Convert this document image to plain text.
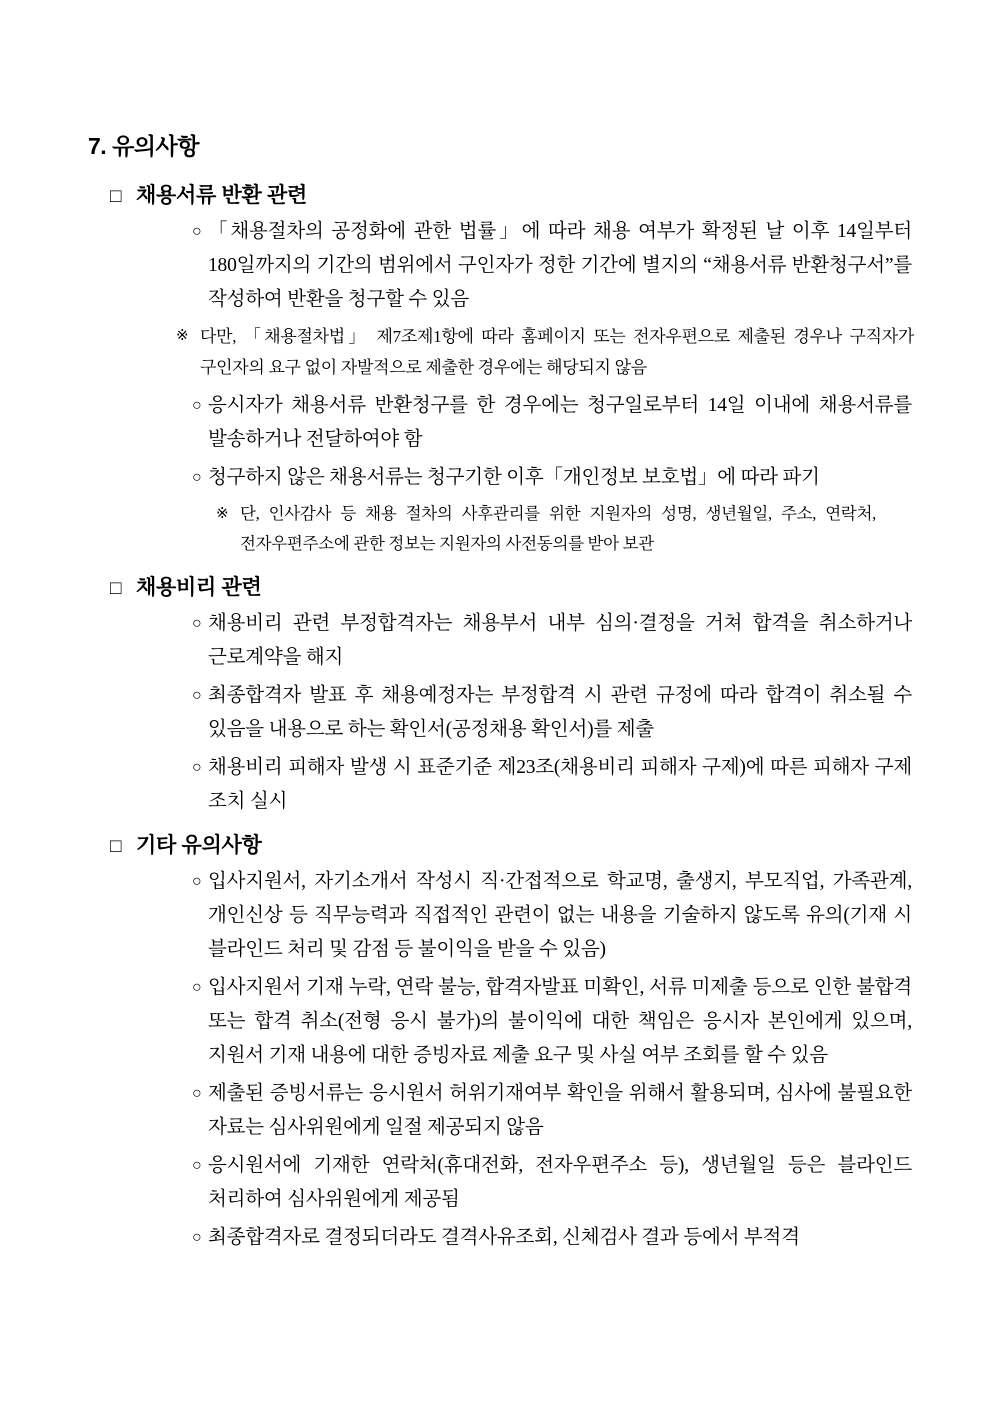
7. 유의사항
□ 채용서류 반환 관련
○ 「채용절차의 공정화에 관한 법률」에 따라 채용 여부가 확정된 날 이후 14일부터 180일까지의 기간의 범위에서 구인자가 정한 기간에 별지의 “채용서류 반환청구서”를 작성하여 반환을 청구할 수 있음
※ 다만, 「채용절차법」 제7조제1항에 따라 홈페이지 또는 전자우편으로 제출된 경우나 구직자가 구인자의 요구 없이 자발적으로 제출한 경우에는 해당되지 않음
○ 응시자가 채용서류 반환청구를 한 경우에는 청구일로부터 14일 이내에 채용서류를 발송하거나 전달하여야 함
○ 청구하지 않은 채용서류는 청구기한 이후「개인정보 보호법」에 따라 파기
※ 단, 인사감사 등 채용 절차의 사후관리를 위한 지원자의 성명, 생년월일, 주소, 연락처, 전자우편주소에 관한 정보는 지원자의 사전동의를 받아 보관
□ 채용비리 관련
○ 채용비리 관련 부정합격자는 채용부서 내부 심의·결정을 거쳐 합격을 취소하거나 근로계약을 해지
○ 최종합격자 발표 후 채용예정자는 부정합격 시 관련 규정에 따라 합격이 취소될 수 있음을 내용으로 하는 확인서(공정채용 확인서)를 제출
○ 채용비리 피해자 발생 시 표준기준 제23조(채용비리 피해자 구제)에 따른 피해자 구제 조치 실시
□ 기타 유의사항
○ 입사지원서, 자기소개서 작성시 직·간접적으로 학교명, 출생지, 부모직업, 가족관계, 개인신상 등 직무능력과 직접적인 관련이 없는 내용을 기술하지 않도록 유의(기재 시 블라인드 처리 및 감점 등 불이익을 받을 수 있음)
○ 입사지원서 기재 누락, 연락 불능, 합격자발표 미확인, 서류 미제출 등으로 인한 불합격 또는 합격 취소(전형 응시 불가)의 불이익에 대한 책임은 응시자 본인에게 있으며, 지원서 기재 내용에 대한 증빙자료 제출 요구 및 사실 여부 조회를 할 수 있음
○ 제출된 증빙서류는 응시원서 허위기재여부 확인을 위해서 활용되며, 심사에 불필요한 자료는 심사위원에게 일절 제공되지 않음
○ 응시원서에 기재한 연락처(휴대전화, 전자우편주소 등), 생년월일 등은 블라인드 처리하여 심사위원에게 제공됨
○ 최종합격자로 결정되더라도 결격사유조회, 신체검사 결과 등에서 부적격
